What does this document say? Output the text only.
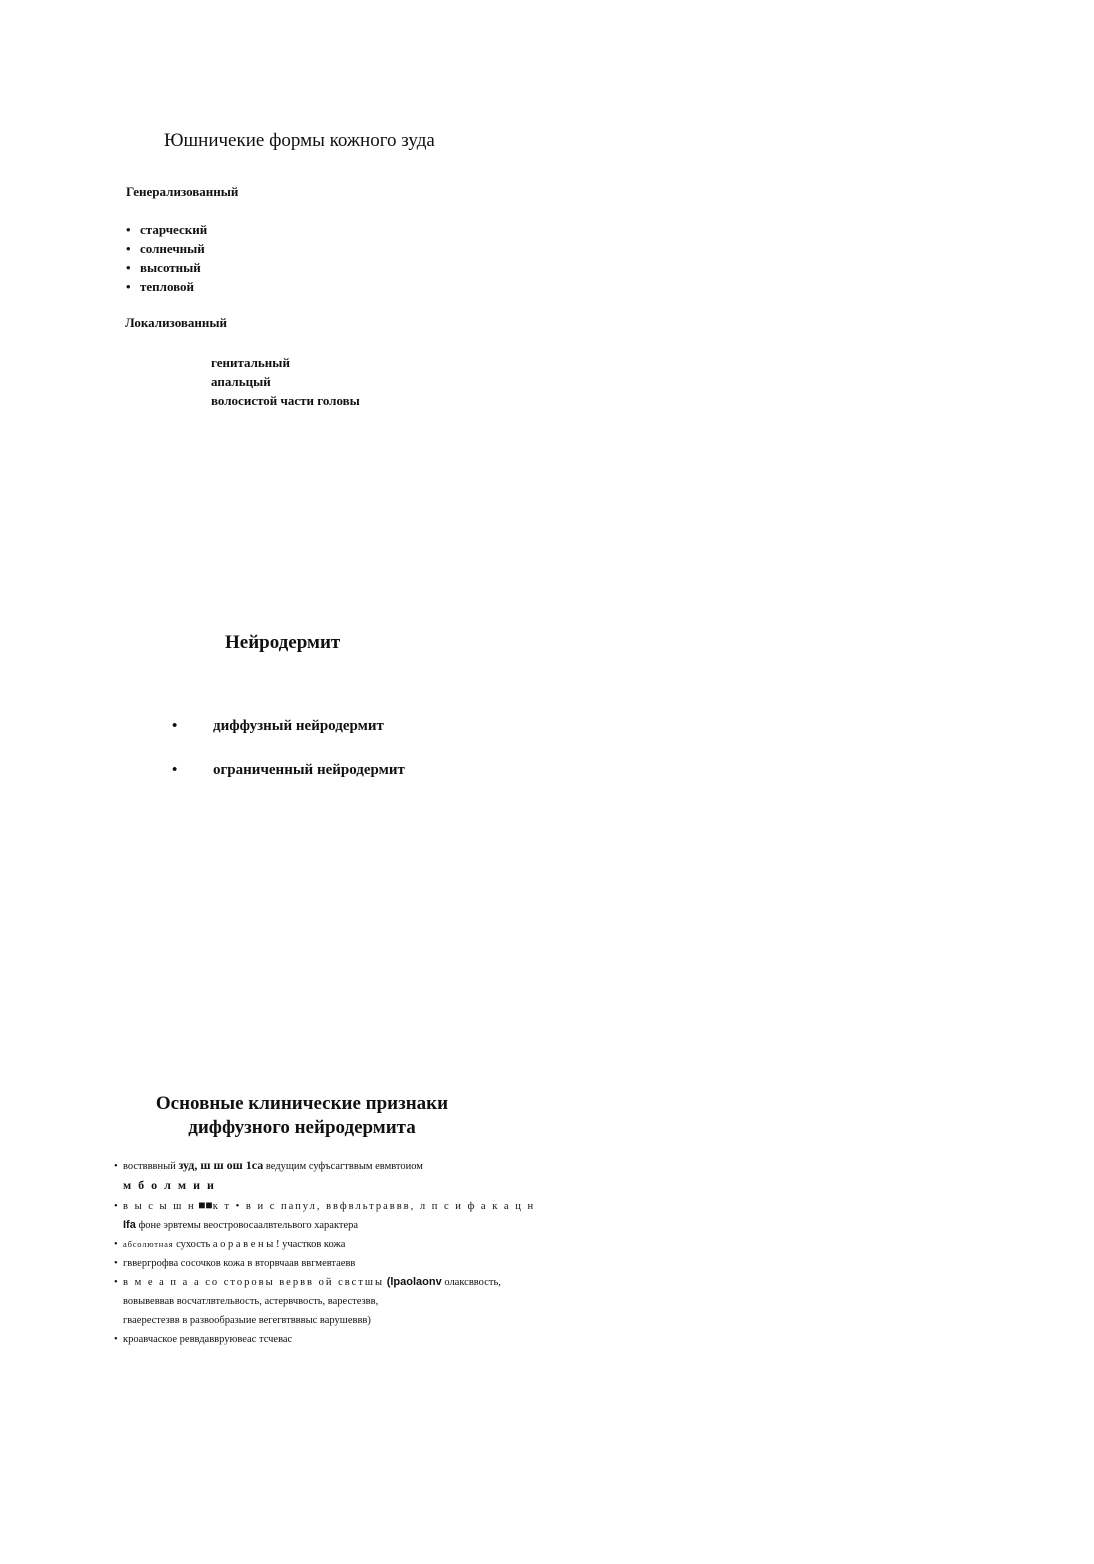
Юшничекие формы кожного зуда
Генерализованный
• старческий
• солнечный
• высотный
• тепловой
Локализованный
генитальный
апальцый
волосистой части головы
Нейродермит
• диффузный нейродермит
• ограниченный нейродермит
Основные клинические признаки
диффузного нейродермита
• воствввный зуд, ш ш ош 1са ведущим суфъсагтввым евмвтоиом
м б о л м и и
• в ы с ы ш н ■■к т • в и с папул, ввфвльтраввв, л п с и ф а к а ц н
Ifa фоне эрвтемы веостровосаалвтельвого характера
• абсолютная сухость а о р а в е н ы ! участков кожа
• гввергрофва сосочков кожа в вторвчаав ввгмевтаевв
• в м е а п а а со сторовы вервв ой свстшы (lpaolaonv олаксввость,
вовывеввав восчатлвтельвость, астервчвость, варестезвв,
гваерестезвв в развообразыие вегегвтвввыс варушеввв)
• кроавчаское реввдаввруювеас тсчевас
